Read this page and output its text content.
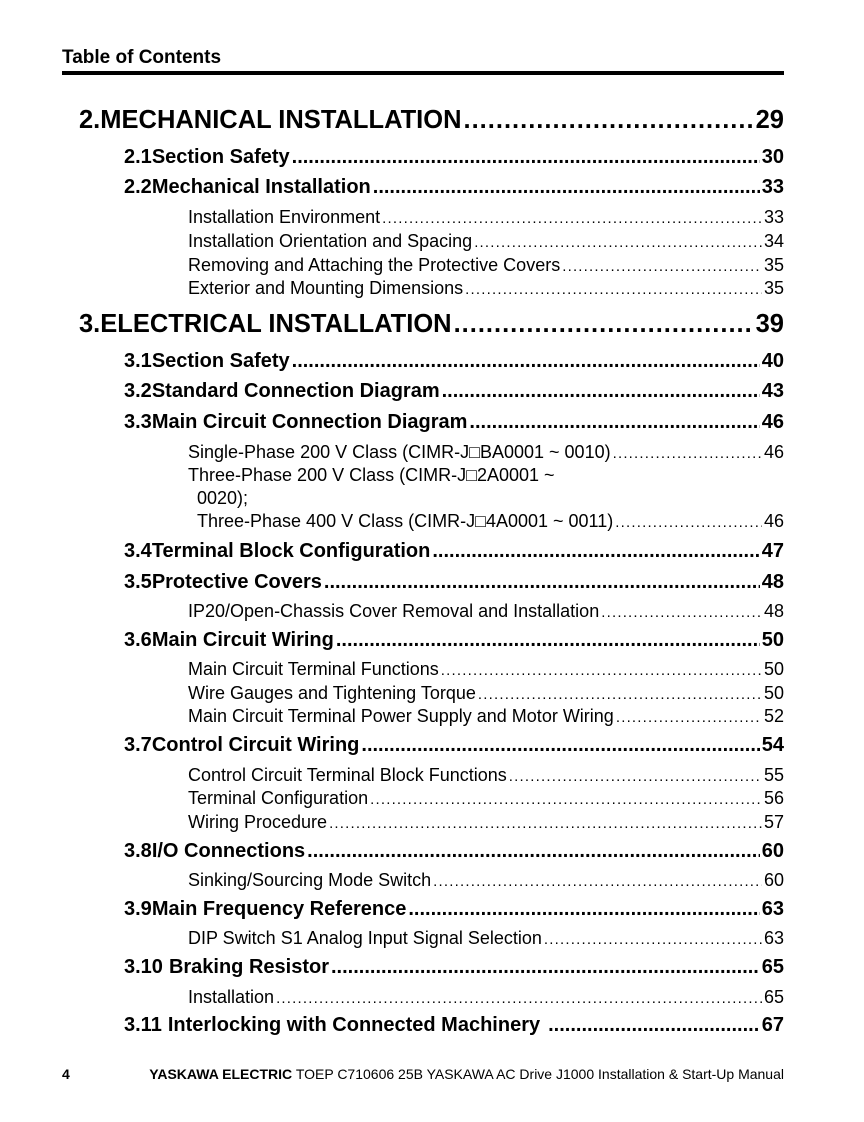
Table of Contents
2. MECHANICAL INSTALLATION .....	29
2.1 Section Safety .....	30
2.2 Mechanical Installation .....	33
Installation Environment .....	33
Installation Orientation and Spacing .....	34
Removing and Attaching the Protective Covers .....	35
Exterior and Mounting Dimensions .....	35
3. ELECTRICAL INSTALLATION .....	39
3.1 Section Safety .....	40
3.2 Standard Connection Diagram .....	43
3.3 Main Circuit Connection Diagram .....	46
Single-Phase 200 V Class (CIMR-J□BA0001 ~ 0010) .....	46
Three-Phase 200 V Class (CIMR-J□2A0001 ~
0020);
Three-Phase 400 V Class (CIMR-J□4A0001 ~ 0011) .....	46
3.4 Terminal Block Configuration .....	47
3.5 Protective Covers .....	48
IP20/Open-Chassis Cover Removal and Installation .....	48
3.6 Main Circuit Wiring .....	50
Main Circuit Terminal Functions .....	50
Wire Gauges and Tightening Torque .....	50
Main Circuit Terminal Power Supply and Motor Wiring .....	52
3.7 Control Circuit Wiring .....	54
Control Circuit Terminal Block Functions .....	55
Terminal Configuration .....	56
Wiring Procedure .....	57
3.8 I/O Connections .....	60
Sinking/Sourcing Mode Switch .....	60
3.9 Main Frequency Reference .....	63
DIP Switch S1 Analog Input Signal Selection .....	63
3.10 Braking Resistor .....	65
Installation .....	65
3.11 Interlocking with Connected Machinery .....	67
4	YASKAWA ELECTRIC TOEP C710606 25B YASKAWA AC Drive J1000 Installation & Start-Up Manual
